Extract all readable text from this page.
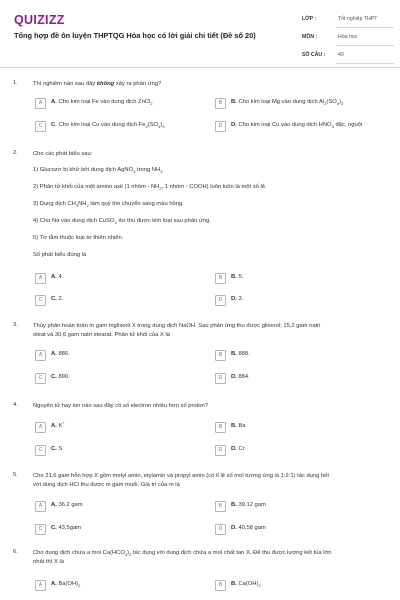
QUIZIZZ
Tổng hợp đề ôn luyện THPTQG Hóa học có lời giải chi tiết (Đề số 20)
LỚP :	Tốt nghiệp THPT
MÔN :	Hóa học
SỐ CÂU : 40
1.	Thí nghiệm nào sau đây không xảy ra phản ứng?
A	A. Cho kim loại Fe vào dung dịch ZnCl$_2$	B	B. Cho kim loại Mg vào dung dịch $Al_2(SO_4)_3$
C	C. Cho kim loại Cu vào dung dịch $Fe_2(SO_4)_3$	D	D. Cho kim loại Cu vào dung dịch $HNO_3$ đặc, nguội
2.	Cho các phát biểu sau:
1) Glucozơ bị khử bởi dung dịch AgNO$_3$ trong $NH_3$
2) Phân tử khối của một amino axit (1 nhóm - $NH_2$, 1 nhóm - COOH) luôn luôn là một số lẻ.
3) Dung dịch $CH_3NH_2$ làm quỳ tím chuyển sang màu hồng.
4) Cho Na vào dung dịch CuSO$_4$ dư thu được kim loại sau phản ứng.
5) Tơ tằm thuộc loại tơ thiên nhiên.
Số phát biểu đúng là
A	A. 4.	B	B. 5.
C	C. 2.	D	D. 3.
3.	Thủy phân hoàn toàn m gam triglixerit X trong dung dịch NaOH. Sau phản ứng thu được glixerol; 15,2 gam natri
oleat và 30,6 gam natri stearat. Phân tử khối của X là
A	A. 886.	B	B. 888.
C	C. 890.	D	D. 884.
4.	Nguyên tử hay ion nào sau đây có số electron nhiều hơn số proton?
A	A. K+
B	B. Ba
C	C. S	D	D. Cr
5.	Cho 21,6 gam hỗn hợp X gồm metyl amin, etylamin và propyl amin (có tỉ lệ số mol tương ứng là 1:2:1) tác dụng hết
với dung dịch HCl thu được m gam muối. Giá trị của m là
A	A. 36,2 gam	B	B. 39,12 gam
C	C. 43,5gam	D	D. 40,58 gam
6.	Cho dung dịch chứa a mol $Ca(HCO_3)_2$ tác dụng với dung dịch chứa a mol chất tan X. Để thu được lượng kết tủa lớn
nhất thì X là
A	A. $Ba(OH)_2$	B	B. $Ca(OH)_2$
